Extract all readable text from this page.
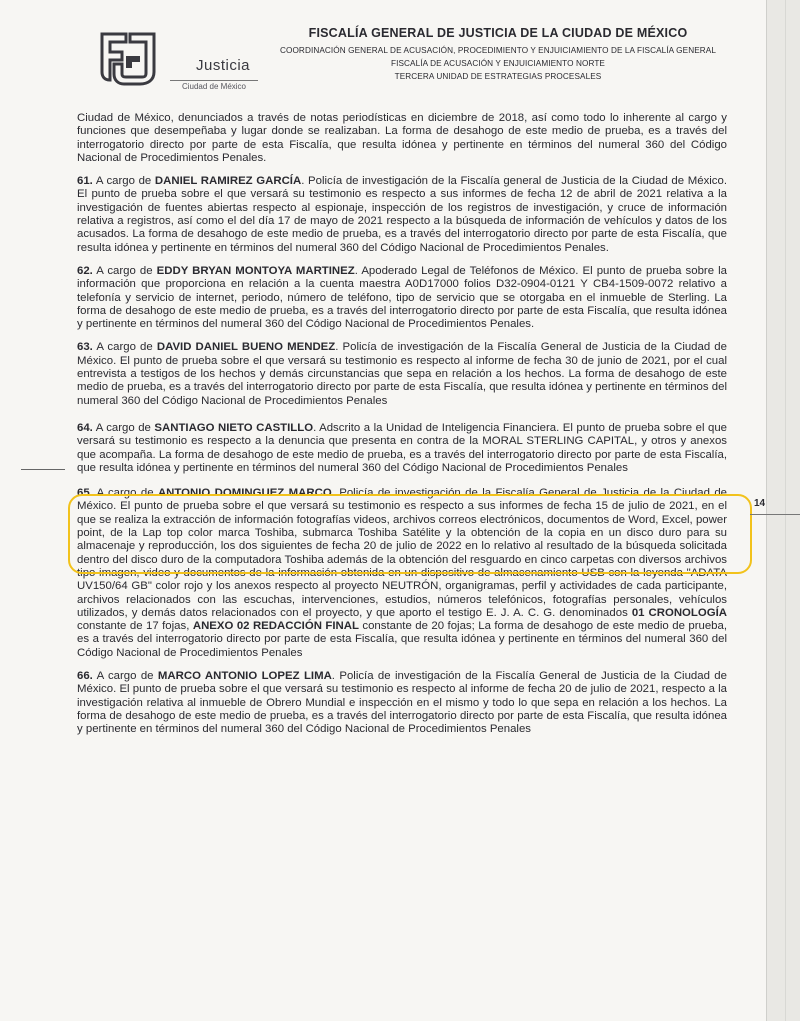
Justicia
Ciudad de México
FISCALÍA GENERAL DE JUSTICIA DE LA CIUDAD DE MÉXICO
COORDINACIÓN GENERAL DE ACUSACIÓN, PROCEDIMIENTO Y ENJUICIAMIENTO DE LA FISCALÍA GENERAL
FISCALÍA DE ACUSACIÓN Y ENJUICIAMIENTO NORTE
TERCERA UNIDAD DE ESTRATEGIAS PROCESALES

Ciudad de México, denunciados a través de notas periodísticas en diciembre de 2018, así como todo lo inherente al cargo y funciones que desempeñaba y lugar donde se realizaban. La forma de desahogo de este medio de prueba, es a través del interrogatorio directo por parte de esta Fiscalía, que resulta idónea y pertinente en términos del numeral 360 del Código Nacional de Procedimientos Penales.

61. A cargo de DANIEL RAMIREZ GARCÍA. Policía de investigación de la Fiscalía general de Justicia de la Ciudad de México. El punto de prueba sobre el que versará su testimonio es respecto a sus informes de fecha 12 de abril de 2021 relativa a la investigación de fuentes abiertas respecto al espionaje, inspección de los registros de investigación, y cruce de información relativa a registros, así como el del día 17 de mayo de 2021 respecto a la búsqueda de información de vehículos y datos de los acusados. La forma de desahogo de este medio de prueba, es a través del interrogatorio directo por parte de esta Fiscalía, que resulta idónea y pertinente en términos del numeral 360 del Código Nacional de Procedimientos Penales.

62. A cargo de EDDY BRYAN MONTOYA MARTINEZ. Apoderado Legal de Teléfonos de México. El punto de prueba sobre la información que proporciona en relación a la cuenta maestra A0D17000 folios D32-0904-0121 Y CB4-1509-0072 relativo a telefonía y servicio de internet, periodo, número de teléfono, tipo de servicio que se otorgaba en el inmueble de Sterling. La forma de desahogo de este medio de prueba, es a través del interrogatorio directo por parte de esta Fiscalía, que resulta idónea y pertinente en términos del numeral 360 del Código Nacional de Procedimientos Penales.

63. A cargo de DAVID DANIEL BUENO MENDEZ. Policía de investigación de la Fiscalía General de Justicia de la Ciudad de México. El punto de prueba sobre el que versará su testimonio es respecto al informe de fecha 30 de junio de 2021, por el cual entrevista a testigos de los hechos y demás circunstancias que sepa en relación a los hechos. La forma de desahogo de este medio de prueba, es a través del interrogatorio directo por parte de esta Fiscalía, que resulta idónea y pertinente en términos del numeral 360 del Código Nacional de Procedimientos Penales

64. A cargo de SANTIAGO NIETO CASTILLO. Adscrito a la Unidad de Inteligencia Financiera. El punto de prueba sobre el que versará su testimonio es respecto a la denuncia que presenta en contra de la MORAL STERLING CAPITAL, y otros y anexos que acompaña. La forma de desahogo de este medio de prueba, es a través del interrogatorio directo por parte de esta Fiscalía, que resulta idónea y pertinente en términos del numeral 360 del Código Nacional de Procedimientos Penales

65. A cargo de ANTONIO DOMINGUEZ MARCO. Policía de investigación de la Fiscalía General de Justicia de la Ciudad de México. El punto de prueba sobre el que versará su testimonio es respecto a sus informes de fecha 15 de julio de 2021, en el que se realiza la extracción de información fotografías videos, archivos correos electrónicos, documentos de Word, Excel, power point, de la Lap top color marca Toshiba, submarca Toshiba Satélite y la obtención de la copia en un disco duro para su almacenaje y reproducción, los dos siguientes de fecha 20 de julio de 2022 en lo relativo al resultado de la búsqueda solicitada dentro del disco duro de la computadora Toshiba además de la obtención del resguardo en cinco carpetas con diversos archivos tipo imagen, video y documentos de la información obtenida en un dispositivo de almacenamiento USB con la leyenda "ADATA UV150/64 GB" color rojo y los anexos respecto al proyecto NEUTRÓN, organigramas, perfil y actividades de cada participante, archivos relacionados con las escuchas, intervenciones, estudios, números telefónicos, fotografías personales, vehículos utilizados, y demás datos relacionados con el proyecto, y que aporto el testigo E. J. A. C. G. denominados 01 CRONOLOGÍA constante de 17 fojas, ANEXO 02 REDACCIÓN FINAL constante de 20 fojas; La forma de desahogo de este medio de prueba, es a través del interrogatorio directo por parte de esta Fiscalía, que resulta idónea y pertinente en términos del numeral 360 del Código Nacional de Procedimientos Penales

66. A cargo de MARCO ANTONIO LOPEZ LIMA. Policía de investigación de la Fiscalía General de Justicia de la Ciudad de México. El punto de prueba sobre el que versará su testimonio es respecto al informe de fecha 20 de julio de 2021, respecto a la investigación relativa al inmueble de Obrero Mundial e inspección en el mismo y todo lo que sepa en relación a los hechos. La forma de desahogo de este medio de prueba, es a través del interrogatorio directo por parte de esta Fiscalía, que resulta idónea y pertinente en términos del numeral 360 del Código Nacional de Procedimientos Penales

14
